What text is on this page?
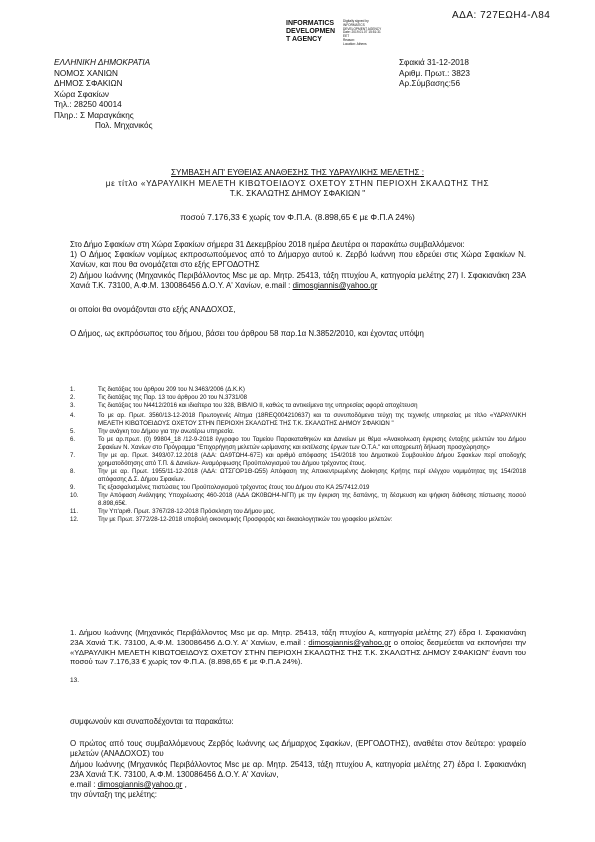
ΑΔΑ: 727ΕΩΗ4-Λ84
INFORMATICS
DEVELOPMEN
T AGENCY
Digitally signed by
INFORMATICS
DEVELOPMENT AGENCY
Date: 2019.01.07 15:51:31
EET
Reason:
Location: Athens
ΕΛΛΗΝΙΚΗ ΔΗΜΟΚΡΑΤΙΑ
ΝΟΜΟΣ ΧΑΝΙΩΝ
ΔΗΜΟΣ ΣΦΑΚΙΩΝ
Χώρα Σφακίων
Τηλ.: 28250 40014
Πληρ.: Σ Μαραγκάκης
Πολ. Μηχανικός
Σφακιά 31-12-2018
Αριθμ. Πρωτ.: 3823
Αρ.Σύμβασης:56
ΣΥΜΒΑΣΗ ΑΠ' ΕΥΘΕΙΑΣ ΑΝΑΘΕΣΗΣ ΤΗΣ ΥΔΡΑΥΛΙΚΗΣ ΜΕΛΕΤΗΣ :
με τίτλο «ΥΔΡΑΥΛΙΚΗ ΜΕΛΕΤΗ ΚΙΒΩΤΟΕΙΔΟΥΣ ΟΧΕΤΟΥ ΣΤΗΝ ΠΕΡΙΟΧΗ ΣΚΑΛΩΤΗΣ ΤΗΣ
Τ.Κ. ΣΚΑΛΩΤΗΣ ΔΗΜΟΥ ΣΦΑΚΙΩΝ "
ποσού 7.176,33 € χωρίς τον Φ.Π.Α. (8.898,65 € με Φ.Π.Α 24%)

Στο Δήμο Σφακίων στη Χώρα Σφακίων σήμερα 31 Δεκεμβρίου 2018 ημέρα Δευτέρα οι παρακάτω συμβαλλόμενοι:

1) Ο Δήμος Σφακίων νομίμως εκπροσωπούμενος από το Δήμαρχο αυτού κ. Ζερβό Ιωάννη που εδρεύει στις Χώρα Σφακίων Ν. Χανίων, και που θα ονομάζεται στο εξής ΕΡΓΟΔΟΤΗΣ

2) Δήμου Ιωάννης (Μηχανικός Περιβάλλοντος Msc με αρ. Μητρ. 25413, τάξη πτυχίου Α, κατηγορία μελέτης 27) Ι. Σφακιανάκη 23Α Χανιά Τ.Κ. 73100, Α.Φ.Μ. 130086456 Δ.Ο.Υ. Α' Χανίων, e.mail : dimosgiannis@yahoo.gr

οι οποίοι θα ονομάζονται στο εξής ΑΝΑΔΟΧΟΣ,

Ο Δήμος, ως εκπρόσωπος του δήμου, βάσει του άρθρου 58 παρ.1α Ν.3852/2010, και έχοντας υπόψη

1.	Τις διατάξεις του άρθρου 209 του Ν.3463/2006 (Δ.Κ.Κ)
2.	Τις διατάξεις της Παρ. 13 του άρθρου 20 του Ν.3731/08
3.	Τις διατάξεις του Ν4412/2016 και ιδιαίτερα του 328, ΒΙΒΛΙΟ ΙΙ, καθώς τα αντικείμενα της υπηρεσίας αφορά αποχέτευση
4.	Το με αρ. Πρωτ. 3560/13-12-2018 Πρωτογενές Αίτημα (18REQ004210637) και τα συνυποδόμενα τεύχη της τεχνικής υπηρεσίας με τίτλο «ΥΔΡΑΥΛΙΚΗ ΜΕΛΕΤΗ ΚΙΒΩΤΟΕΙΔΟΥΣ ΟΧΕΤΟΥ ΣΤΗΝ ΠΕΡΙΟΧΗ ΣΚΑΛΩΤΗΣ ΤΗΣ Τ.Κ. ΣΚΑΛΩΤΗΣ ΔΗΜΟΥ ΣΦΑΚΙΩΝ "
5.	Την ανάγκη του Δήμου για την ανωτέρω υπηρεσία.
6.	Το με αρ.πρωτ. (0) 99804_18 /12-9-2018 έγγραφο του Ταμείου Παρακαταθηκών και Δανείων με θέμα «Ανακοίνωση έγκρισης ένταξης μελετών του Δήμου Σφακίων Ν. Χανίων στο Πρόγραμμα "Επιχορήγηση μελετών ωρίμανσης και εκτέλεσης έργων των Ο.Τ.Α." και υποχρεωτή δήλωση προσχώρησης»
7.	Την με αρ. Πρωτ. 3493/07.12.2018 (ΑΔΑ: ΩΑ9ΤΩΗ4-67Ξ) και αριθμό απόφασης 154/2018 του Δημοτικού Συμβουλίου Δήμου Σφακίων περί αποδοχής χρηματοδότησης από Τ.Π. & Δανείων- Αναμόρφωσης Προϋπολογισμού του Δήμου τρέχοντος έτους.
8.	Την με αρ. Πρωτ. 1955/11-12-2018 (ΑΔΑ: ΩΤΣΓΟΡ1Θ-Ω55) Απόφαση της Αποκεντρωμένης Διοίκησης Κρήτης περί ελέγχου νομιμότητας της 154/2018 απόφασης Δ.Σ. Δήμου Σφακίων.
9.	Τις εξασφαλισμένες πιστώσεις του Προϋπολογισμού τρέχοντος έτους του Δήμου στο ΚΑ 25/7412.019
10.	Την Απόφαση Ανάληψης Υποχρέωσης 460-2018 (ΑΔΑ ΩΚ0ΒΩΗ4-ΝΓΠ) με την έγκριση της δαπάνης, τη δέσμευση και ψήφιση διάθεσης πίστωσης ποσού 8.898,65€.
11.	Την Υπ'αριθ. Πρωτ. 3767/28-12-2018 Πρόσκληση του Δήμου μας.
12.	Την με Πρωτ. 3772/28-12-2018 υποβολή οικονομικής Προσφοράς και δικαιολογητικών του γραφείου μελετών:

1. Δήμου Ιωάννης (Μηχανικός Περιβάλλοντος Msc με αρ. Μητρ. 25413, τάξη πτυχίου Α, κατηγορία μελέτης 27) έδρα Ι. Σφακιανάκη 23Α Χανιά Τ.Κ. 73100, Α.Φ.Μ. 130086456 Δ.Ο.Υ. Α' Χανίων, e.mail : dimosgiannis@yahoo.gr ο οποίος δεσμεύεται να εκπονήσει την «ΥΔΡΑΥΛΙΚΗ ΜΕΛΕΤΗ ΚΙΒΩΤΟΕΙΔΟΥΣ ΟΧΕΤΟΥ ΣΤΗΝ ΠΕΡΙΟΧΗ ΣΚΑΛΩΤΗΣ ΤΗΣ Τ.Κ. ΣΚΑΛΩΤΗΣ ΔΗΜΟΥ ΣΦΑΚΙΩΝ" έναντι του ποσού των 7.176,33 € χωρίς τον Φ.Π.Α. (8.898,65 € με Φ.Π.Α 24%).

13.

συμφωνούν και συναποδέχονται τα παρακάτω:

Ο πρώτος από τους συμβαλλόμενους Ζερβός Ιωάννης ως Δήμαρχος Σφακίων, (ΕΡΓΟΔΟΤΗΣ), αναθέτει στον δεύτερο: γραφείο μελετών (ΑΝΑΔΟΧΟΣ) του

Δήμου Ιωάννης (Μηχανικός Περιβάλλοντος Msc με αρ. Μητρ. 25413, τάξη πτυχίου Α, κατηγορία μελέτης 27) έδρα Ι. Σφακιανάκη 23Α Χανιά Τ.Κ. 73100, Α.Φ.Μ. 130086456 Δ.Ο.Υ. Α' Χανίων,

e.mail : dimosgiannis@yahoo.gr ,

την σύνταξη της μελέτης:
